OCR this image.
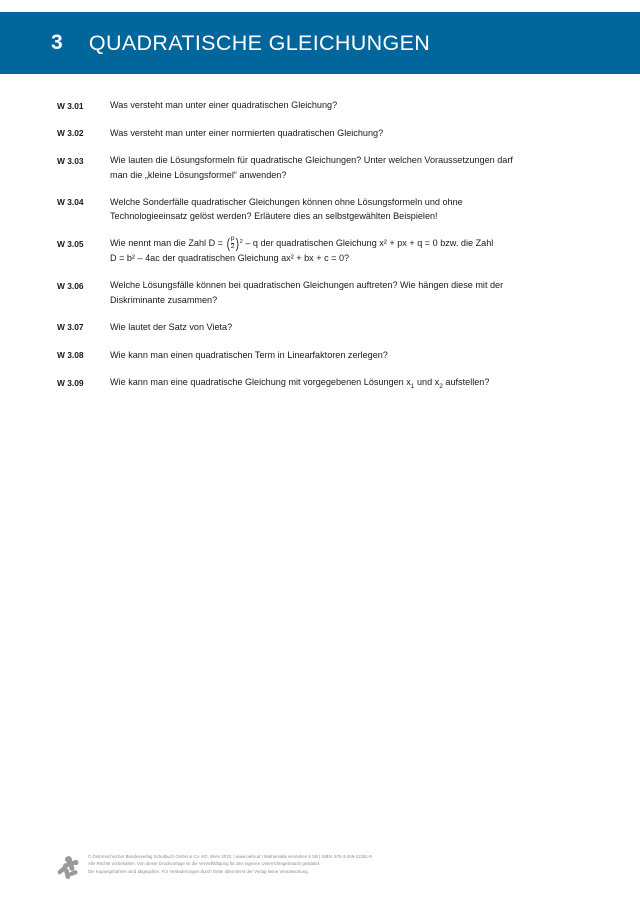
3 QUADRATISCHE GLEICHUNGEN
W 3.01	Was versteht man unter einer quadratischen Gleichung?
W 3.02	Was versteht man unter einer normierten quadratischen Gleichung?
W 3.03	Wie lauten die Lösungsformeln für quadratische Gleichungen? Unter welchen Voraussetzungen darf
man die „kleine Lösungsformel“ anwenden?
W 3.04	Welche Sonderfälle quadratischer Gleichungen können ohne Lösungsformeln und ohne
Technologieeinsatz gelöst werden? Erläutere dies an selbstgewählten Beispielen!
W 3.05	Wie nennt man die Zahl D = ( $\frac{p}{2}$ ) 2 – q der quadratischen Gleichung x² + px + q = 0 bzw. die Zahl
D = b² – 4ac der quadratischen Gleichung ax² + bx + c = 0?
W 3.06	Welche Lösungsfälle können bei quadratischen Gleichungen auftreten? Wie hängen diese mit der
Diskriminante zusammen?
W 3.07	Wie lautet der Satz von Vieta?
W 3.08	Wie kann man einen quadratischen Term in Linearfaktoren zerlegen?
W 3.09	Wie kann man eine quadratische Gleichung mit vorgegebenen Lösungen $x_1$ und $x_2$ aufstellen?
© Österreichischer Bundesverlag Schulbuch GmbH & Co. KG, Wien 2023. | www.oebv.at | Mathematik verstehen 5 SB | ISBN: 978-3-209-12361-9
Alle Rechte vorbehalten. Von dieser Druckvorlage ist die Vervielfältigung für den eigenen Unterrichtsgebrauch gestattet.
Die Kopiergebühren sind abgegolten. Für Veränderungen durch Dritte übernimmt der Verlag keine Verantwortung.
